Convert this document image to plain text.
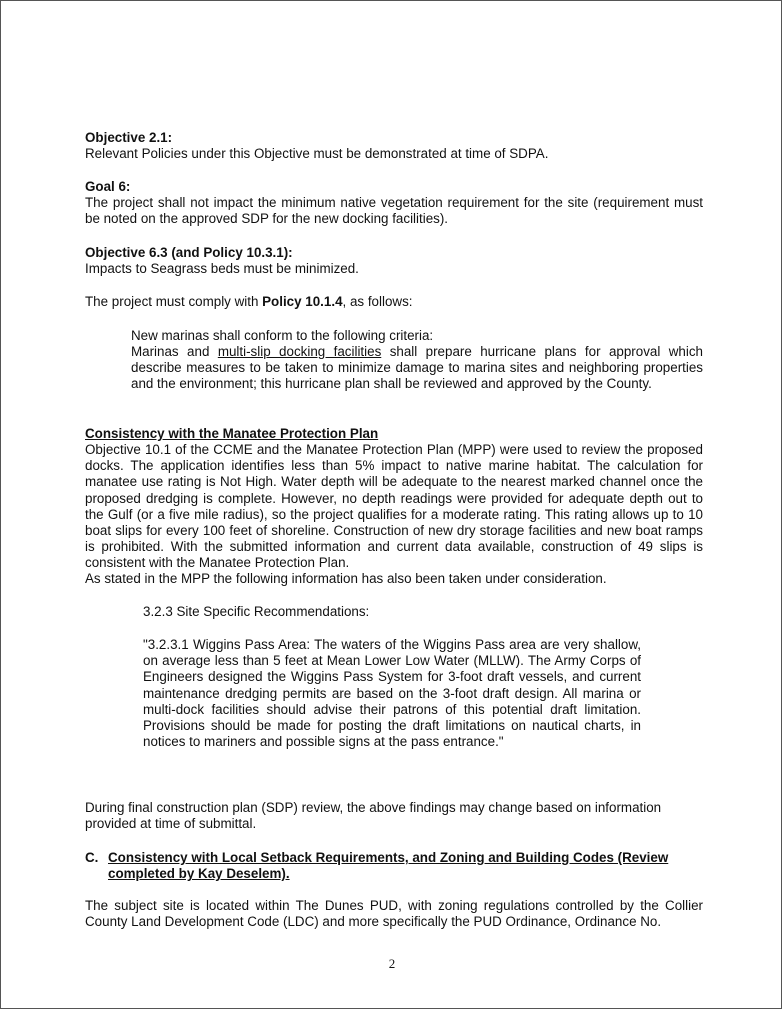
Objective 2.1:
Relevant Policies under this Objective must be demonstrated at time of SDPA.
Goal 6:
The project shall not impact the minimum native vegetation requirement for the site (requirement must be noted on the approved SDP for the new docking facilities).
Objective 6.3 (and Policy 10.3.1):
Impacts to Seagrass beds must be minimized.
The project must comply with Policy 10.1.4, as follows:
New marinas shall conform to the following criteria:
Marinas and multi-slip docking facilities shall prepare hurricane plans for approval which describe measures to be taken to minimize damage to marina sites and neighboring properties and the environment; this hurricane plan shall be reviewed and approved by the County.
Consistency with the Manatee Protection Plan
Objective 10.1 of the CCME and the Manatee Protection Plan (MPP) were used to review the proposed docks. The application identifies less than 5% impact to native marine habitat. The calculation for manatee use rating is Not High. Water depth will be adequate to the nearest marked channel once the proposed dredging is complete. However, no depth readings were provided for adequate depth out to the Gulf (or a five mile radius), so the project qualifies for a moderate rating. This rating allows up to 10 boat slips for every 100 feet of shoreline. Construction of new dry storage facilities and new boat ramps is prohibited. With the submitted information and current data available, construction of 49 slips is consistent with the Manatee Protection Plan.
As stated in the MPP the following information has also been taken under consideration.
3.2.3 Site Specific Recommendations:
"3.2.3.1 Wiggins Pass Area: The waters of the Wiggins Pass area are very shallow, on average less than 5 feet at Mean Lower Low Water (MLLW). The Army Corps of Engineers designed the Wiggins Pass System for 3-foot draft vessels, and current maintenance dredging permits are based on the 3-foot draft design. All marina or multi-dock facilities should advise their patrons of this potential draft limitation. Provisions should be made for posting the draft limitations on nautical charts, in notices to mariners and possible signs at the pass entrance."
During final construction plan (SDP) review, the above findings may change based on information provided at time of submittal.
C. Consistency with Local Setback Requirements, and Zoning and Building Codes (Review completed by Kay Deselem).
The subject site is located within The Dunes PUD, with zoning regulations controlled by the Collier County Land Development Code (LDC) and more specifically the PUD Ordinance, Ordinance No.
2
